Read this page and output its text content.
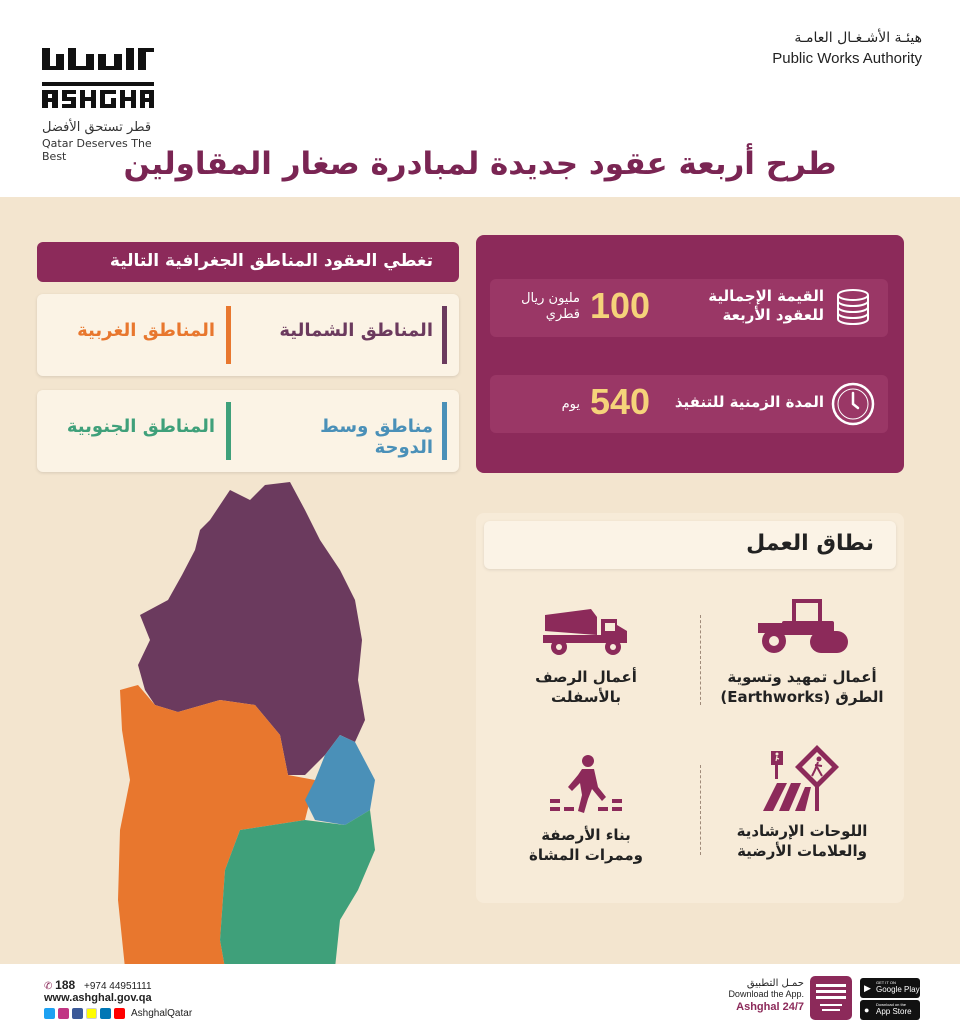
قطر تستحق الأفضل
Qatar Deserves The Best
هيئـة الأشـغـال العامـة
Public Works Authority
طرح أربعة عقود جديدة لمبادرة صغار المقاولين
القيمة الإجمالية للعقود الأربعة
100
مليون ريال قطري
المدة الزمنية للتنفيذ
540
يوم
تغطي العقود المناطق الجغرافية التالية
المناطق الشمالية
المناطق الغربية
مناطق وسط الدوحة
المناطق الجنوبية
نطاق العمل
أعمال تمهيد وتسوية
الطرق (Earthworks)
أعمال الرصف
بالأسفلت
اللوحات الإرشادية
والعلامات الأرضية
بناء الأرصفة
وممرات المشاة
✆ 188 +974 44951111
www.ashghal.gov.qa
AshghalQatar
حمـل التطبيق
Download the App.
Ashghal 24/7
▶
GET IT ON
Google Play
●
Download on the
App Store
